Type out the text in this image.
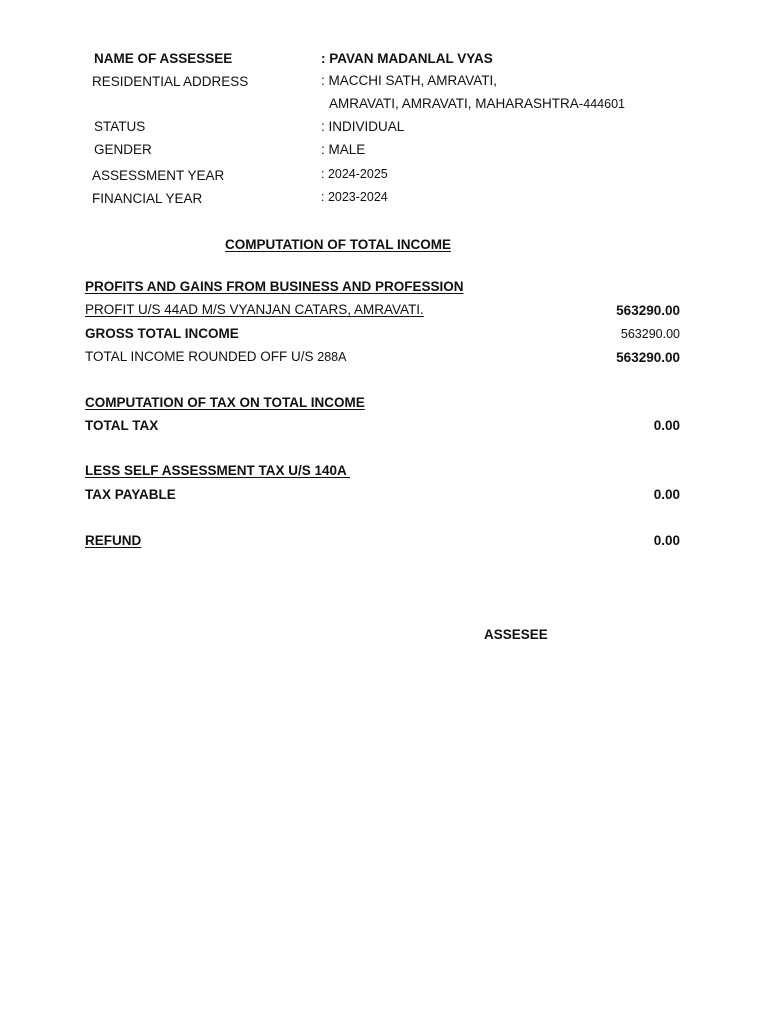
NAME OF ASSESSEE	: PAVAN MADANLAL VYAS
RESIDENTIAL ADDRESS	: MACCHI SATH, AMRAVATI,
AMRAVATI, AMRAVATI, MAHARASHTRA-444601
STATUS	: INDIVIDUAL
GENDER	: MALE
ASSESSMENT YEAR	: 2024-2025
FINANCIAL YEAR	: 2023-2024
COMPUTATION OF TOTAL INCOME
PROFITS AND GAINS FROM BUSINESS AND PROFESSION
PROFIT U/S 44AD M/S VYANJAN CATARS, AMRAVATI.	563290.00
GROSS TOTAL INCOME	563290.00
TOTAL INCOME ROUNDED OFF U/S 288A	563290.00
COMPUTATION OF TAX ON TOTAL INCOME
TOTAL TAX	0.00
LESS SELF ASSESSMENT TAX U/S 140A
TAX PAYABLE	0.00
REFUND	0.00
ASSESEE
